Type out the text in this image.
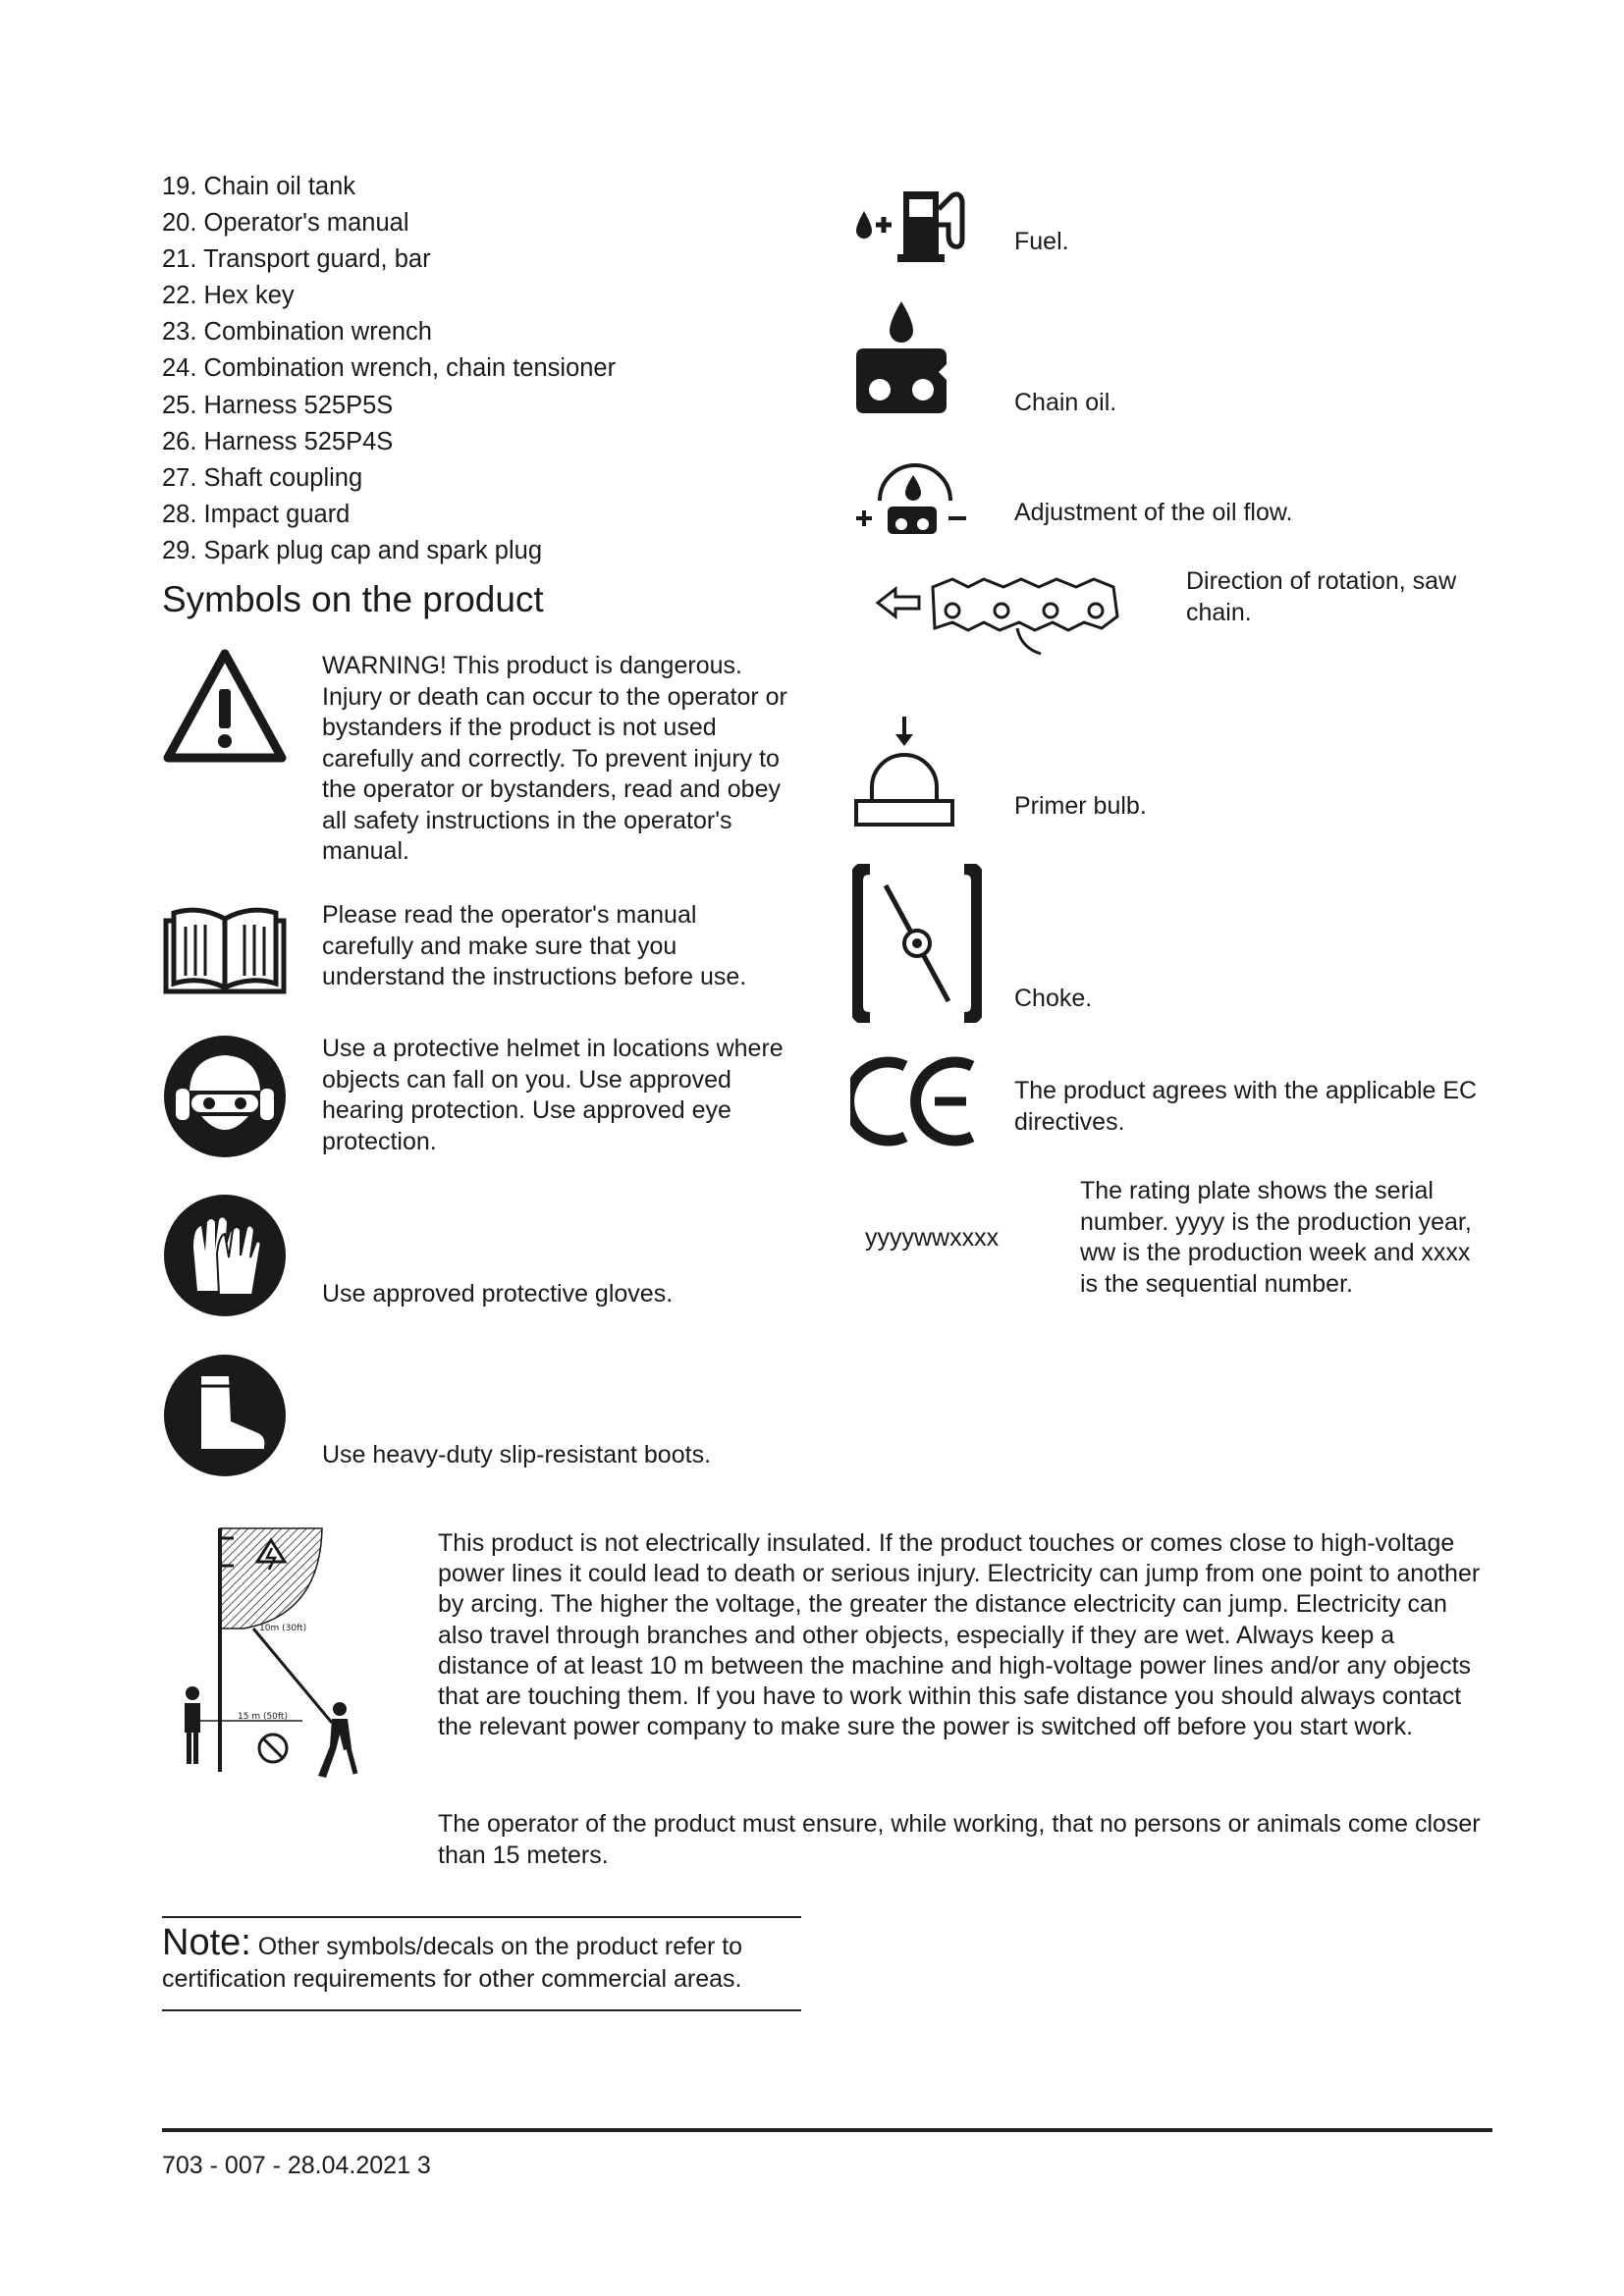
19. Chain oil tank
20. Operator's manual
21. Transport guard, bar
22. Hex key
23. Combination wrench
24. Combination wrench, chain tensioner
25. Harness 525P5S
26. Harness 525P4S
27. Shaft coupling
28. Impact guard
29. Spark plug cap and spark plug
Symbols on the product
WARNING! This product is dangerous. Injury or death can occur to the operator or bystanders if the product is not used carefully and correctly. To prevent injury to the operator or bystanders, read and obey all safety instructions in the operator's manual.
Please read the operator's manual carefully and make sure that you understand the instructions before use.
Use a protective helmet in locations where objects can fall on you. Use approved hearing protection. Use approved eye protection.
Use approved protective gloves.
Use heavy-duty slip-resistant boots.
Fuel.
Chain oil.
Adjustment of the oil flow.
Direction of rotation, saw chain.
Primer bulb.
Choke.
The product agrees with the applicable EC directives.
yyyywwxxxx
The rating plate shows the serial number. yyyy is the production year, ww is the production week and xxxx is the sequential number.
10m (30ft)
15 m (50ft)
This product is not electrically insulated. If the product touches or comes close to high-voltage power lines it could lead to death or serious injury. Electricity can jump from one point to another by arcing. The higher the voltage, the greater the distance electricity can jump. Electricity can also travel through branches and other objects, especially if they are wet. Always keep a distance of at least 10 m between the machine and high-voltage power lines and/or any objects that are touching them. If you have to work within this safe distance you should always contact the relevant power company to make sure the power is switched off before you start work.
The operator of the product must ensure, while working, that no persons or animals come closer than 15 meters.
Note: Other symbols/decals on the product refer to certification requirements for other commercial areas.
703 - 007 - 28.04.2021 3
